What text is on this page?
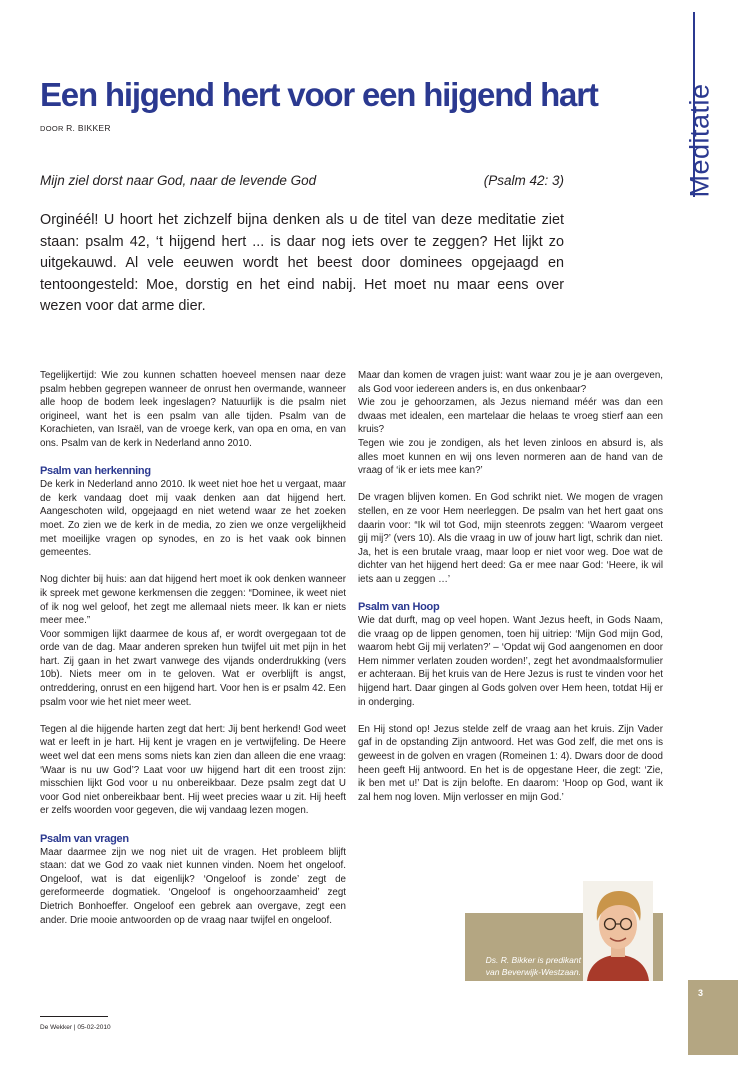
Meditatie
Een hijgend hert voor een hijgend hart
DOOR R. BIKKER
Mijn ziel dorst naar God, naar de levende God	(Psalm 42: 3)

Orginéél! U hoort het zichzelf bijna denken als u de titel van deze meditatie ziet staan: psalm 42, ‘t hijgend hert ... is daar nog iets over te zeggen? Het lijkt zo uitgekauwd. Al vele eeuwen wordt het beest door dominees opgejaagd en tentoongesteld: Moe, dorstig en het eind nabij. Het moet nu maar eens over wezen voor dat arme dier.

Tegelijkertijd: Wie zou kunnen schatten hoeveel mensen naar deze psalm hebben gegrepen wanneer de onrust hen overmande, wanneer alle hoop de bodem leek ingeslagen? Natuurlijk is die psalm niet origineel, want het is een psalm van alle tijden. Psalm van de Korachieten, van Israël, van de vroege kerk, van opa en oma, en van ons. Psalm van de kerk in Nederland anno 2010.

Psalm van herkenning

De kerk in Nederland anno 2010. Ik weet niet hoe het u vergaat, maar de kerk vandaag doet mij vaak denken aan dat hijgend hert. Aangeschoten wild, opgejaagd en niet wetend waar ze het zoeken moet. Zo zien we de kerk in de media, zo zien we onze vergelijkheid met moeilijke vragen op synodes, en zo is het vaak ook binnen gemeentes.

Nog dichter bij huis: aan dat hijgend hert moet ik ook denken wanneer ik spreek met gewone kerkmensen die zeggen: “Dominee, ik weet niet of ik nog wel geloof, het zegt me allemaal niets meer. Ik kan er niets meer mee.”

Voor sommigen lijkt daarmee de kous af, er wordt overgegaan tot de orde van de dag. Maar anderen spreken hun twijfel uit met pijn in het hart. Zij gaan in het zwart vanwege des vijands onderdrukking (vers 10b). Niets meer om in te geloven. Wat er overblijft is angst, ontreddering, onrust en een hijgend hart. Voor hen is er psalm 42. Een psalm voor wie het niet meer weet.

Tegen al die hijgende harten zegt dat hert: Jij bent herkend! God weet wat er leeft in je hart. Hij kent je vragen en je vertwijfeling. De Heere weet wel dat een mens soms niets kan zien dan alleen die ene vraag: ‘Waar is nu uw God’? Laat voor uw hijgend hart dit een troost zijn: misschien lijkt God voor u nu onbereikbaar. Deze psalm zegt dat U voor God niet onbereikbaar bent. Hij weet precies waar u zit. Hij heeft er zelfs woorden voor gegeven, die wij vandaag lezen mogen.

Psalm van vragen

Maar daarmee zijn we nog niet uit de vragen. Het probleem blijft staan: dat we God zo vaak niet kunnen vinden. Noem het ongeloof. Ongeloof, wat is dat eigenlijk? ‘Ongeloof is zonde’ zegt de gereformeerde dogmatiek. ‘Ongeloof is ongehoorzaamheid’ zegt Dietrich Bonhoeffer. Ongeloof een gebrek aan overgave, zegt een ander. Drie mooie antwoorden op de vraag naar twijfel en ongeloof.

Maar dan komen de vragen juist: want waar zou je je aan overgeven, als God voor iedereen anders is, en dus onkenbaar?

Wie zou je gehoorzamen, als Jezus niemand méér was dan een dwaas met idealen, een martelaar die helaas te vroeg stierf aan een kruis?

Tegen wie zou je zondigen, als het leven zinloos en absurd is, als alles moet kunnen en wij ons leven normeren aan de hand van de vraag of ‘ik er iets mee kan?’

De vragen blijven komen. En God schrikt niet. We mogen de vragen stellen, en ze voor Hem neerleggen. De psalm van het hert gaat ons daarin voor: “Ik wil tot God, mijn steenrots zeggen: ‘Waarom vergeet gij mij?’ (vers 10). Als die vraag in uw of jouw hart ligt, schrik dan niet. Ja, het is een brutale vraag, maar loop er niet voor weg. Doe wat de dichter van het hijgend hert deed: Ga er mee naar God: ‘Heere, ik wil iets aan u zeggen …’

Psalm van Hoop

Wie dat durft, mag op veel hopen. Want Jezus heeft, in Gods Naam, die vraag op de lippen genomen, toen hij uitriep: ‘Mijn God mijn God, waarom hebt Gij mij verlaten?’ – ‘Opdat wij God aangenomen en door Hem nimmer verlaten zouden worden!’, zegt het avondmaalsformulier er achteraan. Bij het kruis van de Here Jezus is rust te vinden voor het hijgend hart. Daar gingen al Gods golven over Hem heen, totdat Hij er in onderging.

En Hij stond op! Jezus stelde zelf de vraag aan het kruis. Zijn Vader gaf in de opstanding Zijn antwoord. Het was God zelf, die met ons is geweest in de golven en vragen (Romeinen 1: 4). Dwars door de dood heen geeft Hij antwoord. En het is de opgestane Heer, die zegt: ‘Zie, ik ben met u!’ Dat is zijn belofte. En daarom: ‘Hoop op God, want ik zal hem nog loven. Mijn verlosser en mijn God.’

Ds. R. Bikker is predikant
van Beverwijk-Westzaan.
De Wekker | 05-02-2010
3
